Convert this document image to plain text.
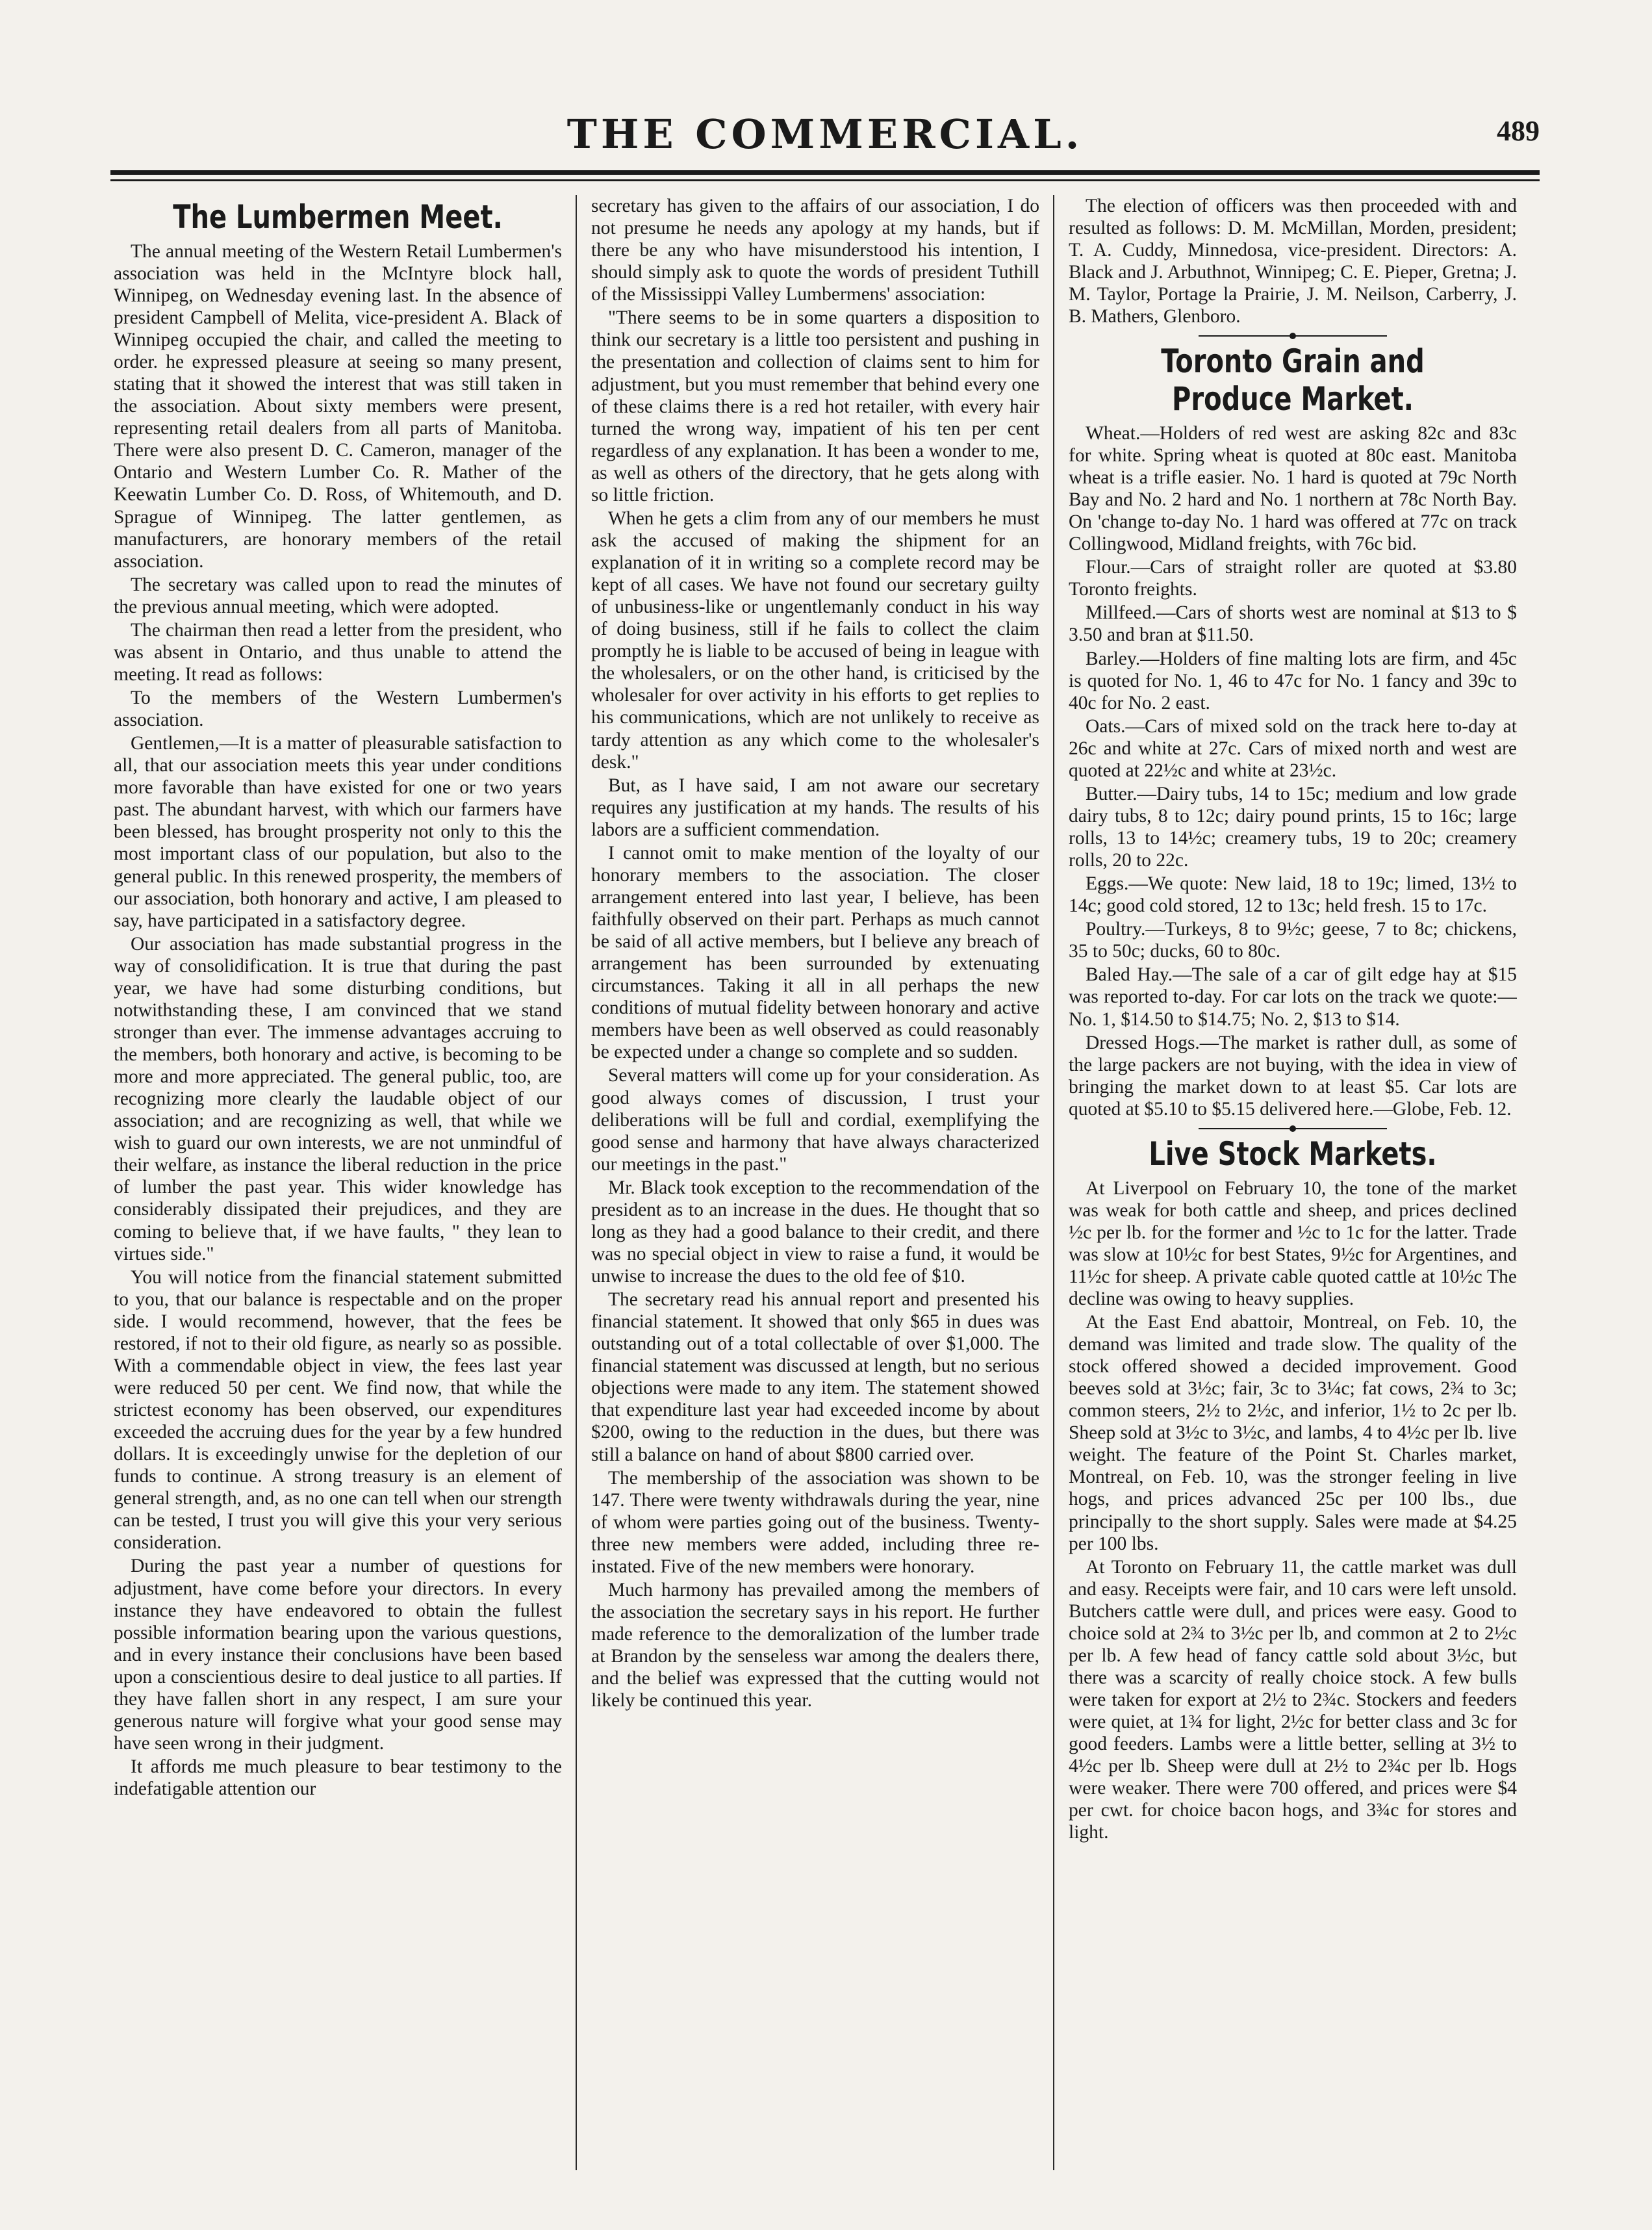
THE COMMERCIAL.	489
The Lumbermen Meet.

The annual meeting of the Western Retail Lumbermen's association was held in the McIntyre block hall, Winnipeg, on Wednesday evening last. In the absence of president Campbell of Melita, vice-president A. Black of Winnipeg occupied the chair, and called the meeting to order. he expressed pleasure at seeing so many present, stating that it showed the interest that was still taken in the association. About sixty members were present, representing retail dealers from all parts of Manitoba. There were also present D. C. Cameron, manager of the Ontario and Western Lumber Co. R. Mather of the Keewatin Lumber Co. D. Ross, of Whitemouth, and D. Sprague of Winnipeg. The latter gentlemen, as manufacturers, are honorary members of the retail association.

The secretary was called upon to read the minutes of the previous annual meeting, which were adopted.

The chairman then read a letter from the president, who was absent in Ontario, and thus unable to attend the meeting. It read as follows:

To the members of the Western Lumbermen's association.

Gentlemen,—It is a matter of pleasurable satisfaction to all, that our association meets this year under conditions more favorable than have existed for one or two years past. The abundant harvest, with which our farmers have been blessed, has brought prosperity not only to this the most important class of our population, but also to the general public. In this renewed prosperity, the members of our association, both honorary and active, I am pleased to say, have participated in a satisfactory degree.

Our association has made substantial progress in the way of consolidification. It is true that during the past year, we have had some disturbing conditions, but notwithstanding these, I am convinced that we stand stronger than ever. The immense advantages accruing to the members, both honorary and active, is becoming to be more and more appreciated. The general public, too, are recognizing more clearly the laudable object of our association; and are recognizing as well, that while we wish to guard our own interests, we are not unmindful of their welfare, as instance the liberal reduction in the price of lumber the past year. This wider knowledge has considerably dissipated their prejudices, and they are coming to believe that, if we have faults, " they lean to virtues side."

You will notice from the financial statement submitted to you, that our balance is respectable and on the proper side. I would recommend, however, that the fees be restored, if not to their old figure, as nearly so as possible. With a commendable object in view, the fees last year were reduced 50 per cent. We find now, that while the strictest economy has been observed, our expenditures exceeded the accruing dues for the year by a few hundred dollars. It is exceedingly unwise for the depletion of our funds to continue. A strong treasury is an element of general strength, and, as no one can tell when our strength can be tested, I trust you will give this your very serious consideration.

During the past year a number of questions for adjustment, have come before your directors. In every instance they have endeavored to obtain the fullest possible information bearing upon the various questions, and in every instance their conclusions have been based upon a conscientious desire to deal justice to all parties. If they have fallen short in any respect, I am sure your generous nature will forgive what your good sense may have seen wrong in their judgment.

It affords me much pleasure to bear testimony to the indefatigable attention our

secretary has given to the affairs of our association, I do not presume he needs any apology at my hands, but if there be any who have misunderstood his intention, I should simply ask to quote the words of president Tuthill of the Mississippi Valley Lumbermens' association:

"There seems to be in some quarters a disposition to think our secretary is a little too persistent and pushing in the presentation and collection of claims sent to him for adjustment, but you must remember that behind every one of these claims there is a red hot retailer, with every hair turned the wrong way, impatient of his ten per cent regardless of any explanation. It has been a wonder to me, as well as others of the directory, that he gets along with so little friction.

When he gets a clim from any of our members he must ask the accused of making the shipment for an explanation of it in writing so a complete record may be kept of all cases. We have not found our secretary guilty of unbusiness-like or ungentlemanly conduct in his way of doing business, still if he fails to collect the claim promptly he is liable to be accused of being in league with the wholesalers, or on the other hand, is criticised by the wholesaler for over activity in his efforts to get replies to his communications, which are not unlikely to receive as tardy attention as any which come to the wholesaler's desk."

But, as I have said, I am not aware our secretary requires any justification at my hands. The results of his labors are a sufficient commendation.

I cannot omit to make mention of the loyalty of our honorary members to the association. The closer arrangement entered into last year, I believe, has been faithfully observed on their part. Perhaps as much cannot be said of all active members, but I believe any breach of arrangement has been surrounded by extenuating circumstances. Taking it all in all perhaps the new conditions of mutual fidelity between honorary and active members have been as well observed as could reasonably be expected under a change so complete and so sudden.

Several matters will come up for your consideration. As good always comes of discussion, I trust your deliberations will be full and cordial, exemplifying the good sense and harmony that have always characterized our meetings in the past."

Mr. Black took exception to the recommendation of the president as to an increase in the dues. He thought that so long as they had a good balance to their credit, and there was no special object in view to raise a fund, it would be unwise to increase the dues to the old fee of $10.

The secretary read his annual report and presented his financial statement. It showed that only $65 in dues was outstanding out of a total collectable of over $1,000. The financial statement was discussed at length, but no serious objections were made to any item. The statement showed that expenditure last year had exceeded income by about $200, owing to the reduction in the dues, but there was still a balance on hand of about $800 carried over.

The membership of the association was shown to be 147. There were twenty withdrawals during the year, nine of whom were parties going out of the business. Twenty-three new members were added, including three re-instated. Five of the new members were honorary.

Much harmony has prevailed among the members of the association the secretary says in his report. He further made reference to the demoralization of the lumber trade at Brandon by the senseless war among the dealers there, and the belief was expressed that the cutting would not likely be continued this year.

The election of officers was then proceeded with and resulted as follows: D. M. McMillan, Morden, president; T. A. Cuddy, Minnedosa, vice-president. Directors: A. Black and J. Arbuthnot, Winnipeg; C. E. Pieper, Gretna; J. M. Taylor, Portage la Prairie, J. M. Neilson, Carberry, J. B. Mathers, Glenboro.

Toronto Grain and Produce Market.

Wheat.—Holders of red west are asking 82c and 83c for white. Spring wheat is quoted at 80c east. Manitoba wheat is a trifle easier. No. 1 hard is quoted at 79c North Bay and No. 2 hard and No. 1 northern at 78c North Bay. On 'change to-day No. 1 hard was offered at 77c on track Collingwood, Midland freights, with 76c bid.

Flour.—Cars of straight roller are quoted at $3.80 Toronto freights.

Millfeed.—Cars of shorts west are nominal at $13 to $ 3.50 and bran at $11.50.

Barley.—Holders of fine malting lots are firm, and 45c is quoted for No. 1, 46 to 47c for No. 1 fancy and 39c to 40c for No. 2 east.

Oats.—Cars of mixed sold on the track here to-day at 26c and white at 27c. Cars of mixed north and west are quoted at 22½c and white at 23½c.

Butter.—Dairy tubs, 14 to 15c; medium and low grade dairy tubs, 8 to 12c; dairy pound prints, 15 to 16c; large rolls, 13 to 14½c; creamery tubs, 19 to 20c; creamery rolls, 20 to 22c.

Eggs.—We quote: New laid, 18 to 19c; limed, 13½ to 14c; good cold stored, 12 to 13c; held fresh. 15 to 17c.

Poultry.—Turkeys, 8 to 9½c; geese, 7 to 8c; chickens, 35 to 50c; ducks, 60 to 80c.

Baled Hay.—The sale of a car of gilt edge hay at $15 was reported to-day. For car lots on the track we quote:—No. 1, $14.50 to $14.75; No. 2, $13 to $14.

Dressed Hogs.—The market is rather dull, as some of the large packers are not buying, with the idea in view of bringing the market down to at least $5. Car lots are quoted at $5.10 to $5.15 delivered here.—Globe, Feb. 12.

Live Stock Markets.

At Liverpool on February 10, the tone of the market was weak for both cattle and sheep, and prices declined ½c per lb. for the former and ½c to 1c for the latter. Trade was slow at 10½c for best States, 9½c for Argentines, and 11½c for sheep. A private cable quoted cattle at 10½c The decline was owing to heavy supplies.

At the East End abattoir, Montreal, on Feb. 10, the demand was limited and trade slow. The quality of the stock offered showed a decided improvement. Good beeves sold at 3½c; fair, 3c to 3¼c; fat cows, 2¾ to 3c; common steers, 2½ to 2½c, and inferior, 1½ to 2c per lb. Sheep sold at 3½c to 3½c, and lambs, 4 to 4½c per lb. live weight. The feature of the Point St. Charles market, Montreal, on Feb. 10, was the stronger feeling in live hogs, and prices advanced 25c per 100 lbs., due principally to the short supply. Sales were made at $4.25 per 100 lbs.

At Toronto on February 11, the cattle market was dull and easy. Receipts were fair, and 10 cars were left unsold. Butchers cattle were dull, and prices were easy. Good to choice sold at 2¾ to 3½c per lb, and common at 2 to 2½c per lb. A few head of fancy cattle sold about 3½c, but there was a scarcity of really choice stock. A few bulls were taken for export at 2½ to 2¾c. Stockers and feeders were quiet, at 1¾ for light, 2½c for better class and 3c for good feeders. Lambs were a little better, selling at 3½ to 4½c per lb. Sheep were dull at 2½ to 2¾c per lb. Hogs were weaker. There were 700 offered, and prices were $4 per cwt. for choice bacon hogs, and 3¾c for stores and light.
